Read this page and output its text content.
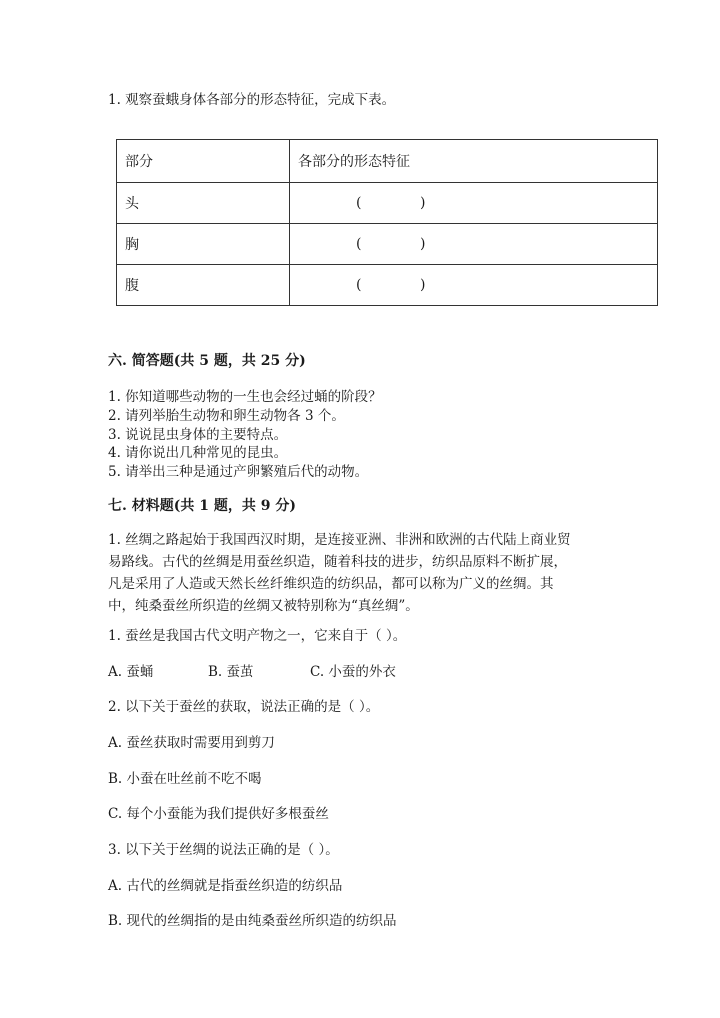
1. 观察蚕蛾身体各部分的形态特征，完成下表。
部分	各部分的形态特征
头	( )
胸	( )
腹	( )
六. 简答题(共 5 题，共 25 分)
1. 你知道哪些动物的一生也会经过蛹的阶段？
2. 请列举胎生动物和卵生动物各 3 个。
3. 说说昆虫身体的主要特点。
4. 请你说出几种常见的昆虫。
5. 请举出三种是通过产卵繁殖后代的动物。
七. 材料题(共 1 题，共 9 分)
1. 丝绸之路起始于我国西汉时期，是连接亚洲、非洲和欧洲的古代陆上商业贸
易路线。古代的丝绸是用蚕丝织造，随着科技的进步，纺织品原料不断扩展，
凡是采用了人造或天然长丝纤维织造的纺织品，都可以称为广义的丝绸。其
中，纯桑蚕丝所织造的丝绸又被特别称为“真丝绸”。
1. 蚕丝是我国古代文明产物之一，它来自于（ ）。
A. 蚕蛹	B. 蚕茧	C. 小蚕的外衣
2. 以下关于蚕丝的获取，说法正确的是（ ）。
A. 蚕丝获取时需要用到剪刀
B. 小蚕在吐丝前不吃不喝
C. 每个小蚕能为我们提供好多根蚕丝
3. 以下关于丝绸的说法正确的是（ ）。
A. 古代的丝绸就是指蚕丝织造的纺织品
B. 现代的丝绸指的是由纯桑蚕丝所织造的纺织品
